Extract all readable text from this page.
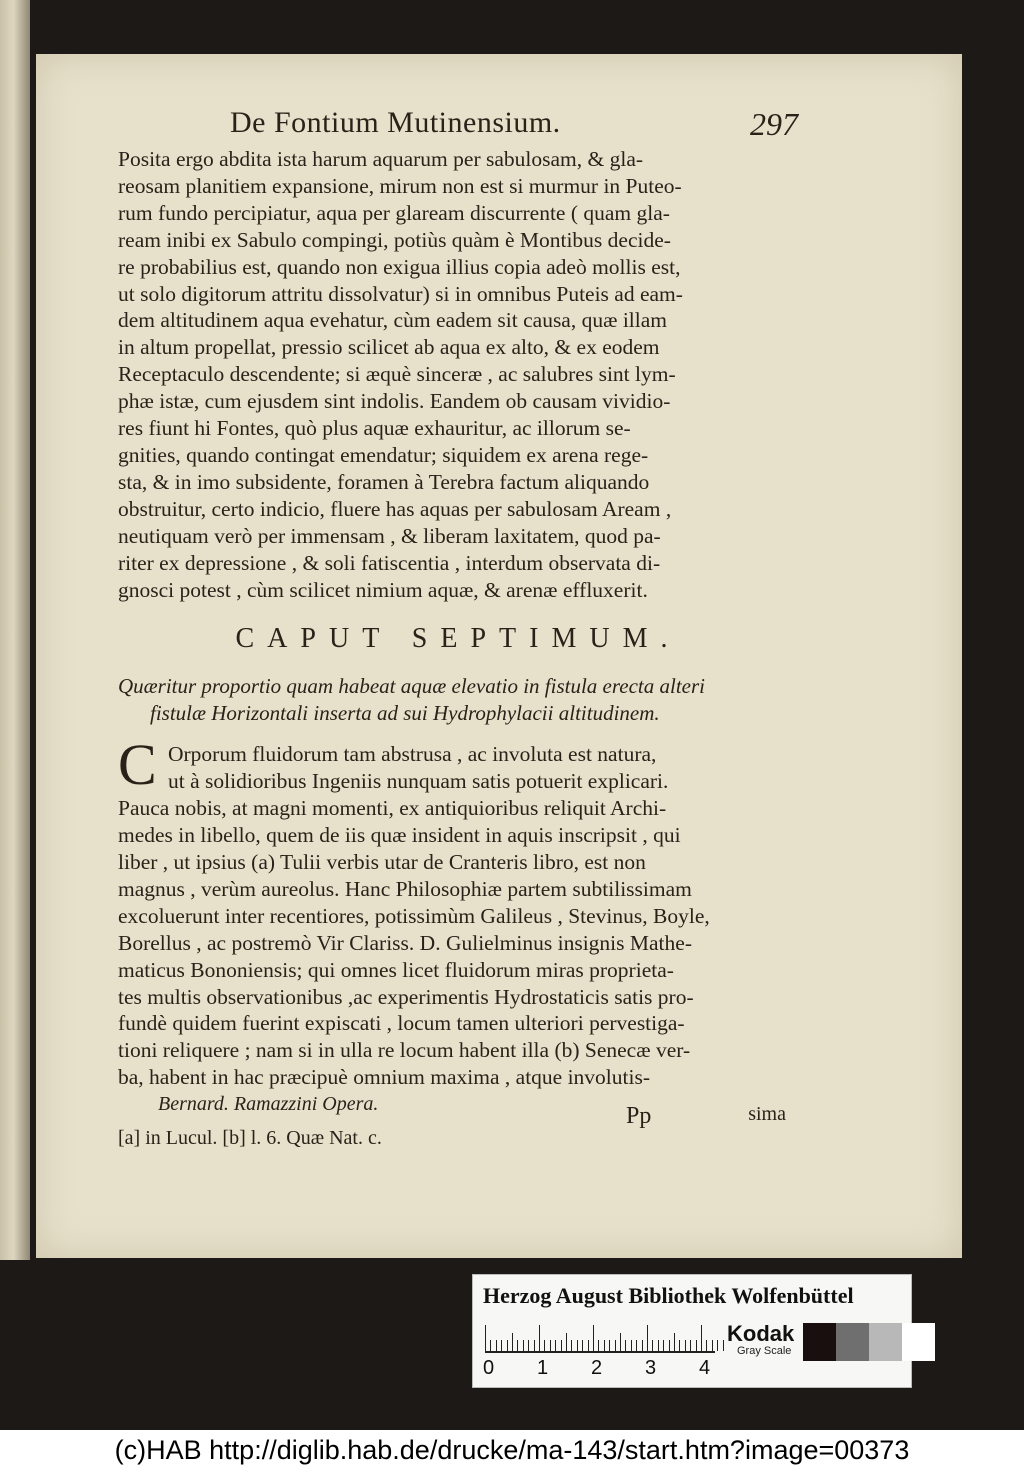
De Fontium Mutinensium.	297
Posita ergo abdita ista harum aquarum per sabulosam, & gla-
reosam planitiem expansione, mirum non est si murmur in Puteo-
rum fundo percipiatur, aqua per glaream discurrente ( quam gla-
ream inibi ex Sabulo compingi, potiùs quàm è Montibus decide-
re probabilius est, quando non exigua illius copia adeò mollis est,
ut solo digitorum attritu dissolvatur) si in omnibus Puteis ad eam-
dem altitudinem aqua evehatur, cùm eadem sit causa, quæ illam
in altum propellat, pressio scilicet ab aqua ex alto, & ex eodem
Receptaculo descendente; si æquè sinceræ , ac salubres sint lym-
phæ istæ, cum ejusdem sint indolis. Eandem ob causam vividio-
res fiunt hi Fontes, quò plus aquæ exhauritur, ac illorum se-
gnities, quando contingat emendatur; siquidem ex arena rege-
sta, & in imo subsidente, foramen à Terebra factum aliquando
obstruitur, certo indicio, fluere has aquas per sabulosam Aream ,
neutiquam verò per immensam , & liberam laxitatem, quod pa-
riter ex depressione , & soli fatiscentia , interdum observata di-
gnosci potest , cùm scilicet nimium aquæ, & arenæ effluxerit.
CAPUT SEPTIMUM.
Quæritur proportio quam habeat aquæ elevatio in fistula erecta alteri
fistulæ Horizontali inserta ad sui Hydrophylacii altitudinem.
C Orporum fluidorum tam abstrusa , ac involuta est natura,
ut à solidioribus Ingeniis nunquam satis potuerit explicari.
Pauca nobis, at magni momenti, ex antiquioribus reliquit Archi-
medes in libello, quem de iis quæ insident in aquis inscripsit , qui
liber , ut ipsius (a) Tulii verbis utar de Cranteris libro, est non
magnus , verùm aureolus. Hanc Philosophiæ partem subtilissimam
excoluerunt inter recentiores, potissimùm Galileus , Stevinus, Boyle,
Borellus , ac postremò Vir Clariss. D. Gulielminus insignis Mathe-
maticus Bononiensis; qui omnes licet fluidorum miras proprieta-
tes multis observationibus ,ac experimentis Hydrostaticis satis pro-
fundè quidem fuerint expiscati , locum tamen ulteriori pervestiga-
tioni reliquere ; nam si in ulla re locum habent illa (b) Senecæ ver-
ba, habent in hac præcipuè omnium maxima , atque involutis-
Bernard. Ramazzini Opera.	Pp	sima
[a] in Lucul. [b] l. 6. Quæ Nat. c.
Herzog August Bibliothek Wolfenbüttel
0 1 2 3 4
Kodak
Gray Scale
(c)HAB http://diglib.hab.de/drucke/ma-143/start.htm?image=00373
